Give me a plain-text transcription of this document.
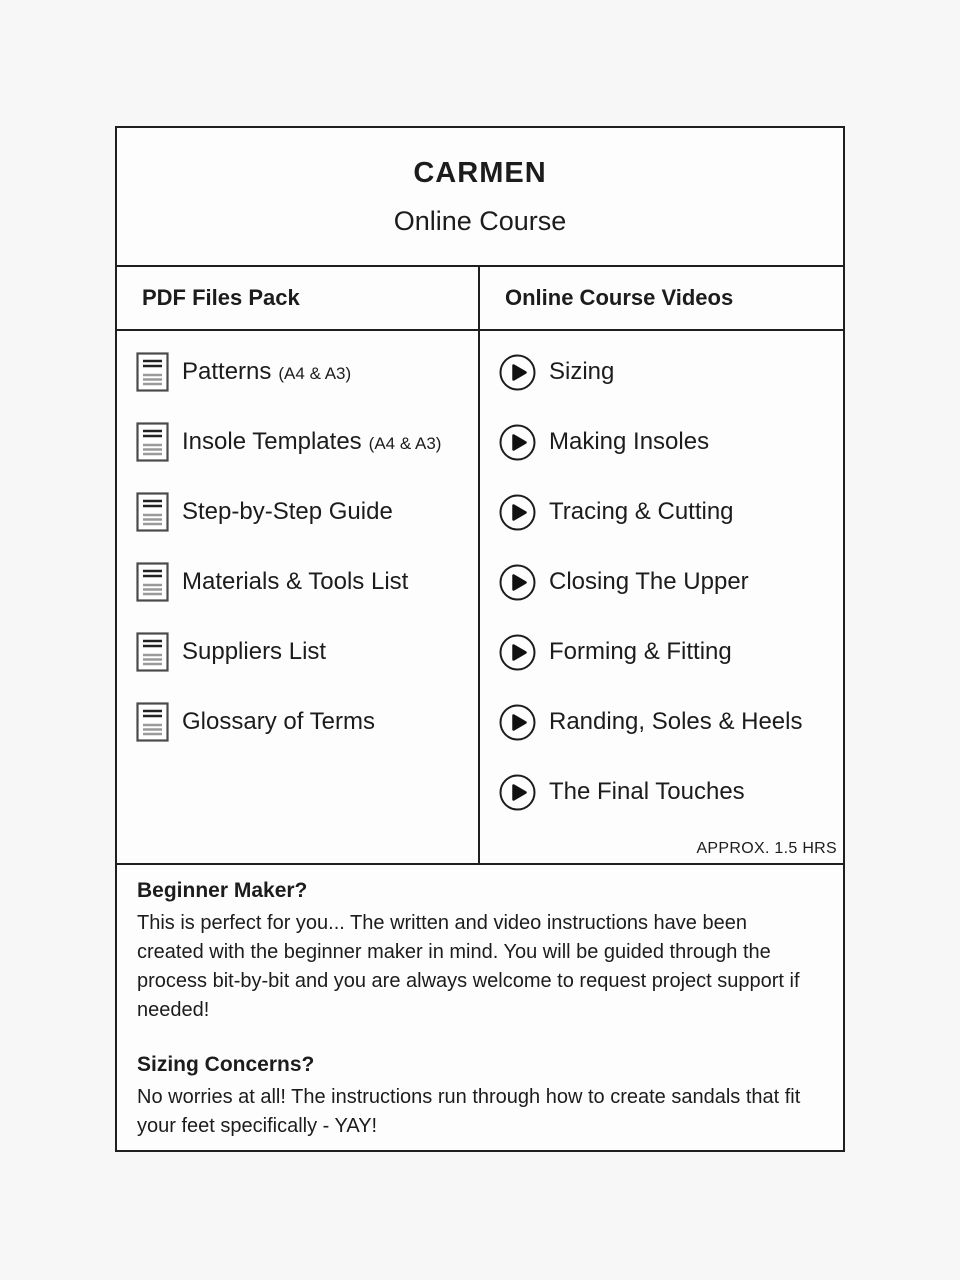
CARMEN
Online Course
PDF Files Pack	Online Course Videos
Patterns (A4 & A3)
Insole Templates (A4 & A3)
Step-by-Step Guide
Materials & Tools List
Suppliers List
Glossary of Terms
Sizing
Making Insoles
Tracing & Cutting
Closing The Upper
Forming & Fitting
Randing, Soles & Heels
The Final Touches
APPROX. 1.5 HRS

Beginner Maker?

This is perfect for you... The written and video instructions have been created with the beginner maker in mind. You will be guided through the process bit-by-bit and you are always welcome to request project support if needed!

Sizing Concerns?

No worries at all! The instructions run through how to create sandals that fit your feet specifically - YAY!
